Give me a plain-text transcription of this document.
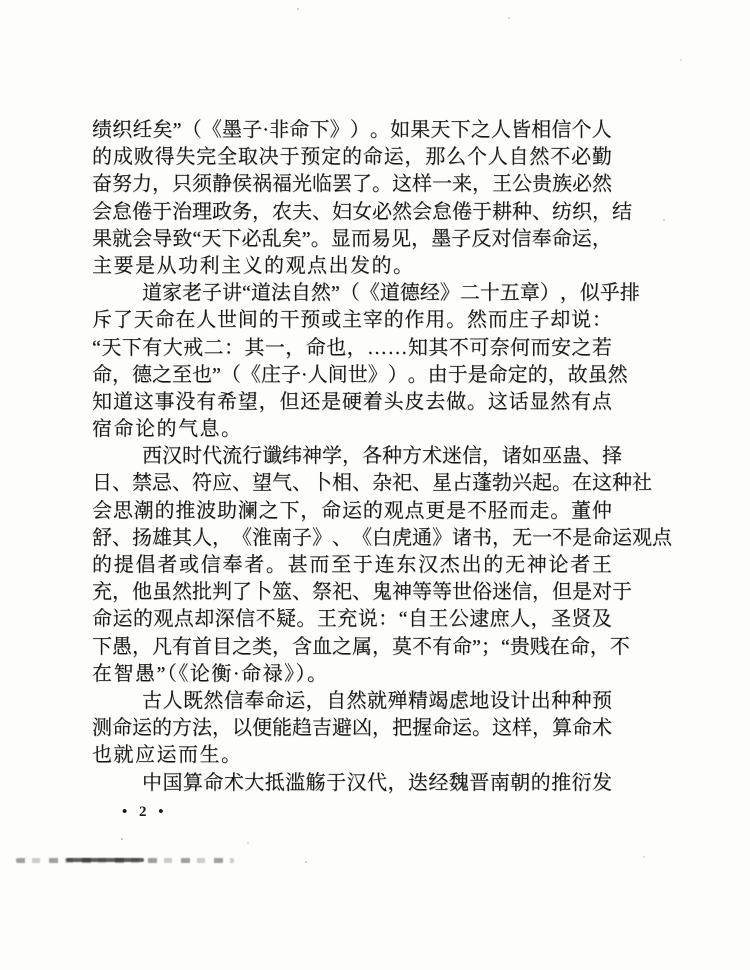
绩 织 纴 矣 ” （ 《 墨 子 · 非 命 下 》 ） 。 如 果 天 下 之 人 皆 相 信 个 人
的 成 败 得 失 完 全 取 决 于 预 定 的 命 运 ， 那 么 个 人 自 然 不 必 勤
奋 努 力 ， 只 须 静 侯 祸 福 光 临 罢 了 。 这 样 一 来 ， 王 公 贵 族 必 然
会 怠 倦 于 治 理 政 务 ， 农 夫 、 妇 女 必 然 会 怠 倦 于 耕 种 、 纺 织 ， 结
果 就 会 导 致 “ 天 下 必 乱 矣 ” 。 显 而 易 见 ， 墨 子 反 对 信 奉 命 运 ，
主要是从功利主义的观点出发的。
道 家 老 子 讲 “ 道 法 自 然 ” （ 《 道 德 经 》 二 十 五 章 ） ， 似 乎 排
斥 了 天 命 在 人 世 间 的 干 预 或 主 宰 的 作 用 。 然 而 庄 子 却 说 ：
“ 天 下 有 大 戒 二 ： 其 一 ， 命 也 ， … … 知 其 不 可 奈 何 而 安 之 若
命 ， 德 之 至 也 ” （ 《 庄 子 · 人 间 世 》 ） 。 由 于 是 命 定 的 ， 故 虽 然
知 道 这 事 没 有 希 望 ， 但 还 是 硬 着 头 皮 去 做 。 这 话 显 然 有 点
宿命论的气息。
西 汉 时 代 流 行 谶 纬 神 学 ， 各 种 方 术 迷 信 ， 诸 如 巫 蛊 、 择
日 、 禁 忌 、 符 应 、 望 气 、 卜 相 、 杂 祀 、 星 占 蓬 勃 兴 起 。 在 这 种 社
会 思 潮 的 推 波 助 澜 之 下 ， 命 运 的 观 点 更 是 不 胫 而 走 。 董 仲
舒 、 扬 雄 其 人 ， 《 淮 南 子 》 、 《 白 虎 通 》 诸 书 ， 无 一 不 是 命 运 观 点
的 提 倡 者 或 信 奉 者 。 甚 而 至 于 连 东 汉 杰 出 的 无 神 论 者 王
充 ， 他 虽 然 批 判 了 卜 筮 、 祭 祀 、 鬼 神 等 等 世 俗 迷 信 ， 但 是 对 于
命 运 的 观 点 却 深 信 不 疑 。 王 充 说 ： “ 自 王 公 逮 庶 人 ， 圣 贤 及
下 愚 ， 凡 有 首 目 之 类 ， 含 血 之 属 ， 莫 不 有 命 ” ； “ 贵 贱 在 命 ， 不
在智愚”（《论衡·命禄》）。
古 人 既 然 信 奉 命 运 ， 自 然 就 殚 精 竭 虑 地 设 计 出 种 种 预
测 命 运 的 方 法 ， 以 便 能 趋 吉 避 凶 ， 把 握 命 运 。 这 样 ， 算 命 术
也就应运而生。
中 国 算 命 术 大 抵 滥 觞 于 汉 代 ， 迭 经 魏 晋 南 朝 的 推 衍 发
• 2 •
